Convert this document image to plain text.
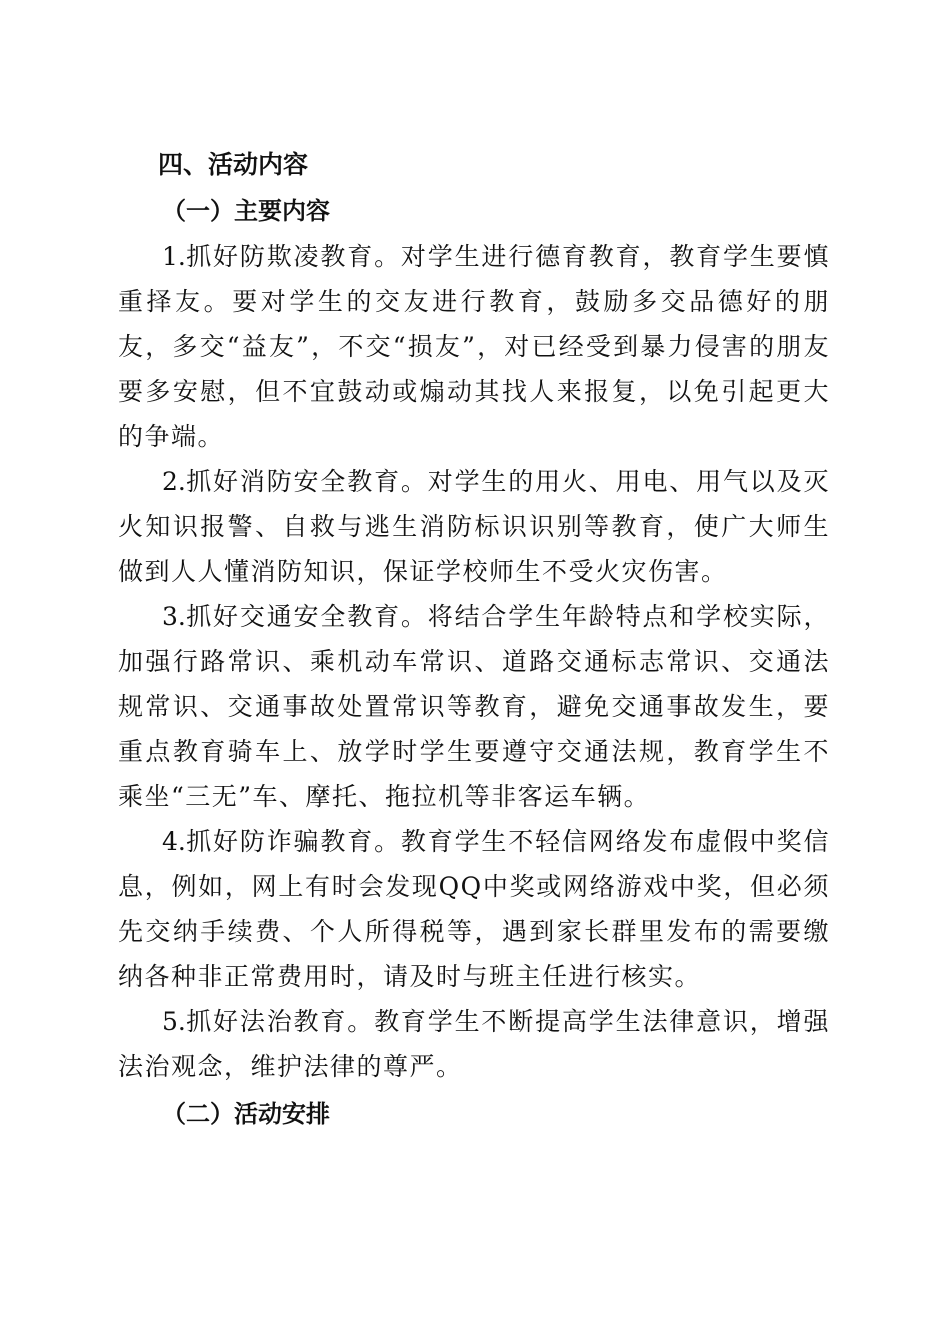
四、活动内容
（一）主要内容

1.抓好防欺凌教育。对学生进行德育教育，教育学生要慎重择友。要对学生的交友进行教育，鼓励多交品德好的朋友，多交“益友”，不交“损友”，对已经受到暴力侵害的朋友要多安慰，但不宜鼓动或煽动其找人来报复，以免引起更大的争端。

2.抓好消防安全教育。对学生的用火、用电、用气以及灭火知识报警、自救与逃生消防标识识别等教育，使广大师生做到人人懂消防知识，保证学校师生不受火灾伤害。

3.抓好交通安全教育。将结合学生年龄特点和学校实际，加强行路常识、乘机动车常识、道路交通标志常识、交通法规常识、交通事故处置常识等教育，避免交通事故发生，要重点教育骑车上、放学时学生要遵守交通法规，教育学生不乘坐“三无”车、摩托、拖拉机等非客运车辆。

4.抓好防诈骗教育。教育学生不轻信网络发布虚假中奖信息，例如，网上有时会发现QQ中奖或网络游戏中奖，但必须先交纳手续费、个人所得税等，遇到家长群里发布的需要缴纳各种非正常费用时，请及时与班主任进行核实。

5.抓好法治教育。教育学生不断提高学生法律意识，增强法治观念，维护法律的尊严。

（二）活动安排
